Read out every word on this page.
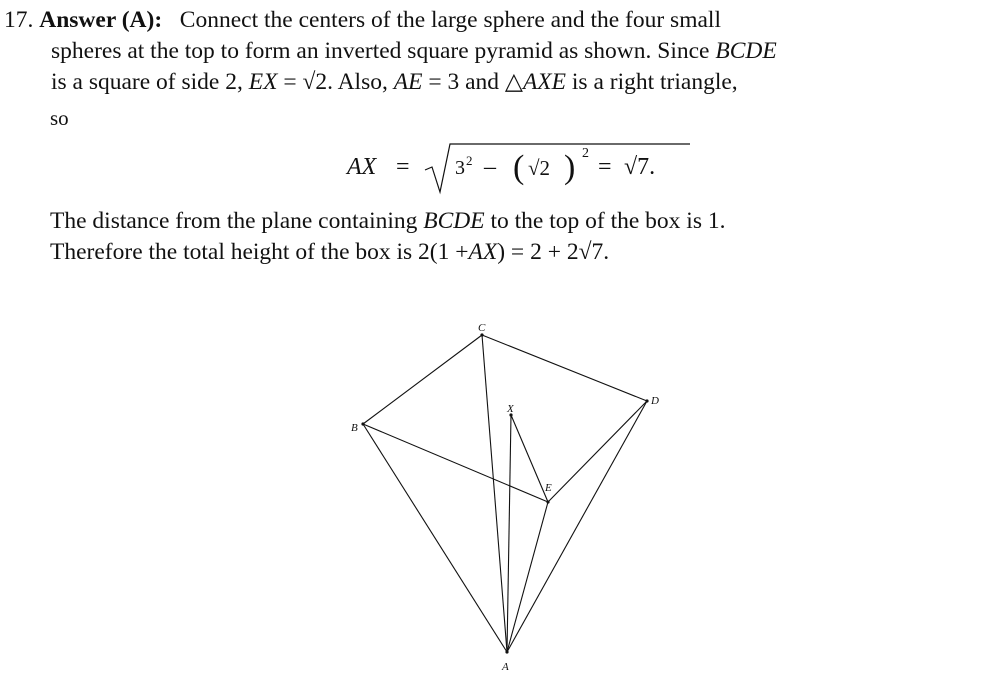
17. Answer (A): Connect the centers of the large sphere and the four small
spheres at the top to form an inverted square pyramid as shown. Since BCDE
is a square of side 2, EX = √2. Also, AE = 3 and △AXE is a right triangle,
so
AX = 3 2 – ( √2 ) 2
= √7.
The distance from the plane containing BCDE to the top of the box is 1.
Therefore the total height of the box is 2(1 +AX) = 2 + 2√7.
C
D
B
X
E
A
